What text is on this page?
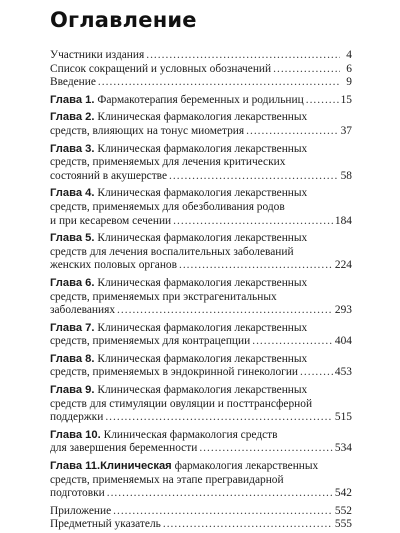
Оглавление
Участники издания .....	4
Список сокращений и условных обозначений .....	6
Введение .....	9
Глава 1. Фармакотерапия беременных и родильниц .....	15
Глава 2. Клиническая фармакология лекарственных
средств, влияющих на тонус миометрия .....	37
Глава 3. Клиническая фармакология лекарственных
средств, применяемых для лечения критических
состояний в акушерстве .....	58
Глава 4. Клиническая фармакология лекарственных
средств, применяемых для обезболивания родов
и при кесаревом сечении .....	184
Глава 5. Клиническая фармакология лекарственных
средств для лечения воспалительных заболеваний
женских половых органов .....	224
Глава 6. Клиническая фармакология лекарственных
средств, применяемых при экстрагенитальных
заболеваниях .....	293
Глава 7. Клиническая фармакология лекарственных
средств, применяемых для контрацепции .....	404
Глава 8. Клиническая фармакология лекарственных
средств, применяемых в эндокринной гинекологии .....	453
Глава 9. Клиническая фармакология лекарственных
средств для стимуляции овуляции и посттрансферной
поддержки .....	515
Глава 10. Клиническая фармакология средств
для завершения беременности .....	534
Глава 11.Клиническая фармакология лекарственных
средств, применяемых на этапе прегравидарной
подготовки .....	542
Приложение .....	552
Предметный указатель .....	555
